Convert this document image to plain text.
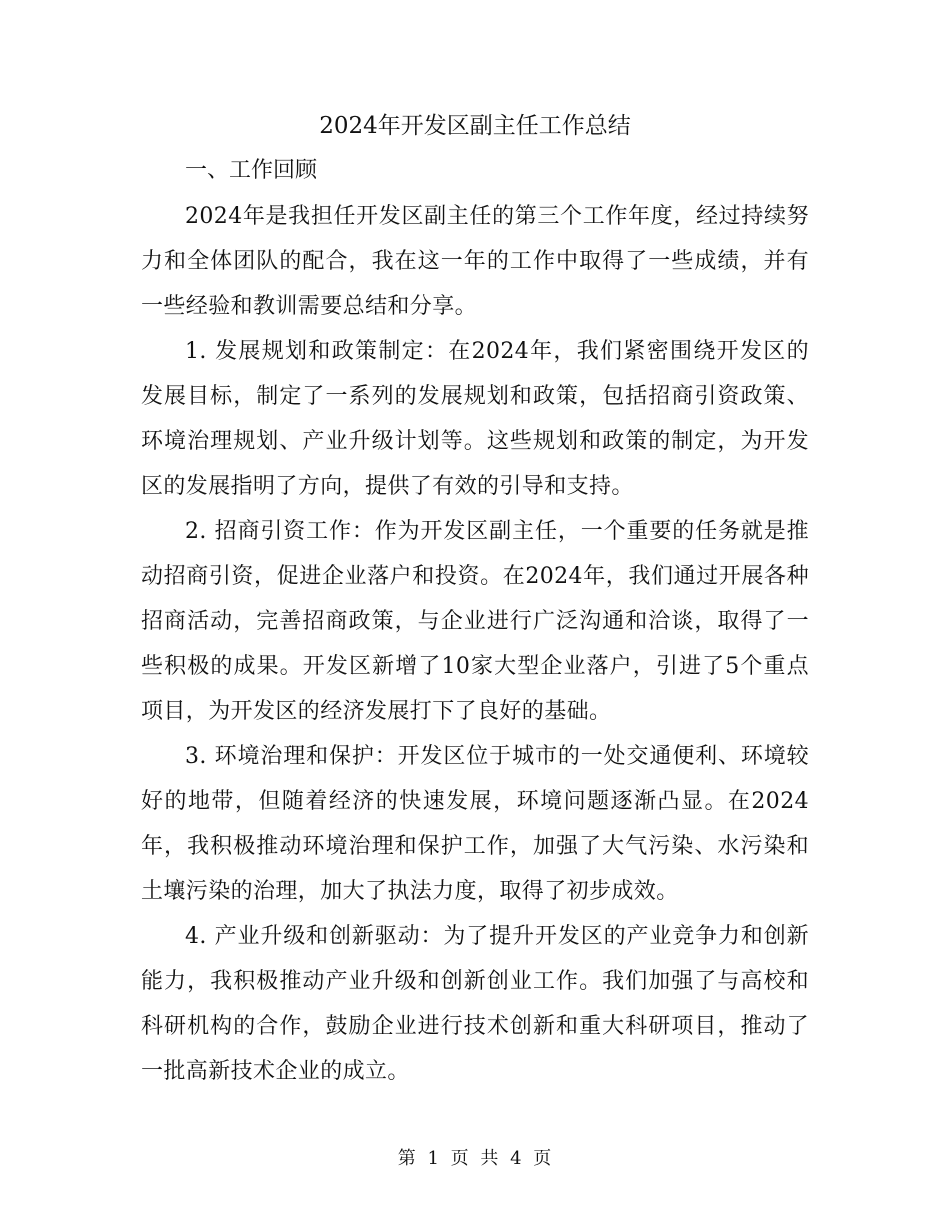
2024年开发区副主任工作总结

一、工作回顾

2024年是我担任开发区副主任的第三个工作年度，经过持续努力和全体团队的配合，我在这一年的工作中取得了一些成绩，并有一些经验和教训需要总结和分享。

1. 发展规划和政策制定：在2024年，我们紧密围绕开发区的发展目标，制定了一系列的发展规划和政策，包括招商引资政策、环境治理规划、产业升级计划等。这些规划和政策的制定，为开发区的发展指明了方向，提供了有效的引导和支持。

2. 招商引资工作：作为开发区副主任，一个重要的任务就是推动招商引资，促进企业落户和投资。在2024年，我们通过开展各种招商活动，完善招商政策，与企业进行广泛沟通和洽谈，取得了一些积极的成果。开发区新增了10家大型企业落户，引进了5个重点项目，为开发区的经济发展打下了良好的基础。

3. 环境治理和保护：开发区位于城市的一处交通便利、环境较好的地带，但随着经济的快速发展，环境问题逐渐凸显。在2024年，我积极推动环境治理和保护工作，加强了大气污染、水污染和土壤污染的治理，加大了执法力度，取得了初步成效。

4. 产业升级和创新驱动：为了提升开发区的产业竞争力和创新能力，我积极推动产业升级和创新创业工作。我们加强了与高校和科研机构的合作，鼓励企业进行技术创新和重大科研项目，推动了一批高新技术企业的成立。

第 1 页 共 4 页
